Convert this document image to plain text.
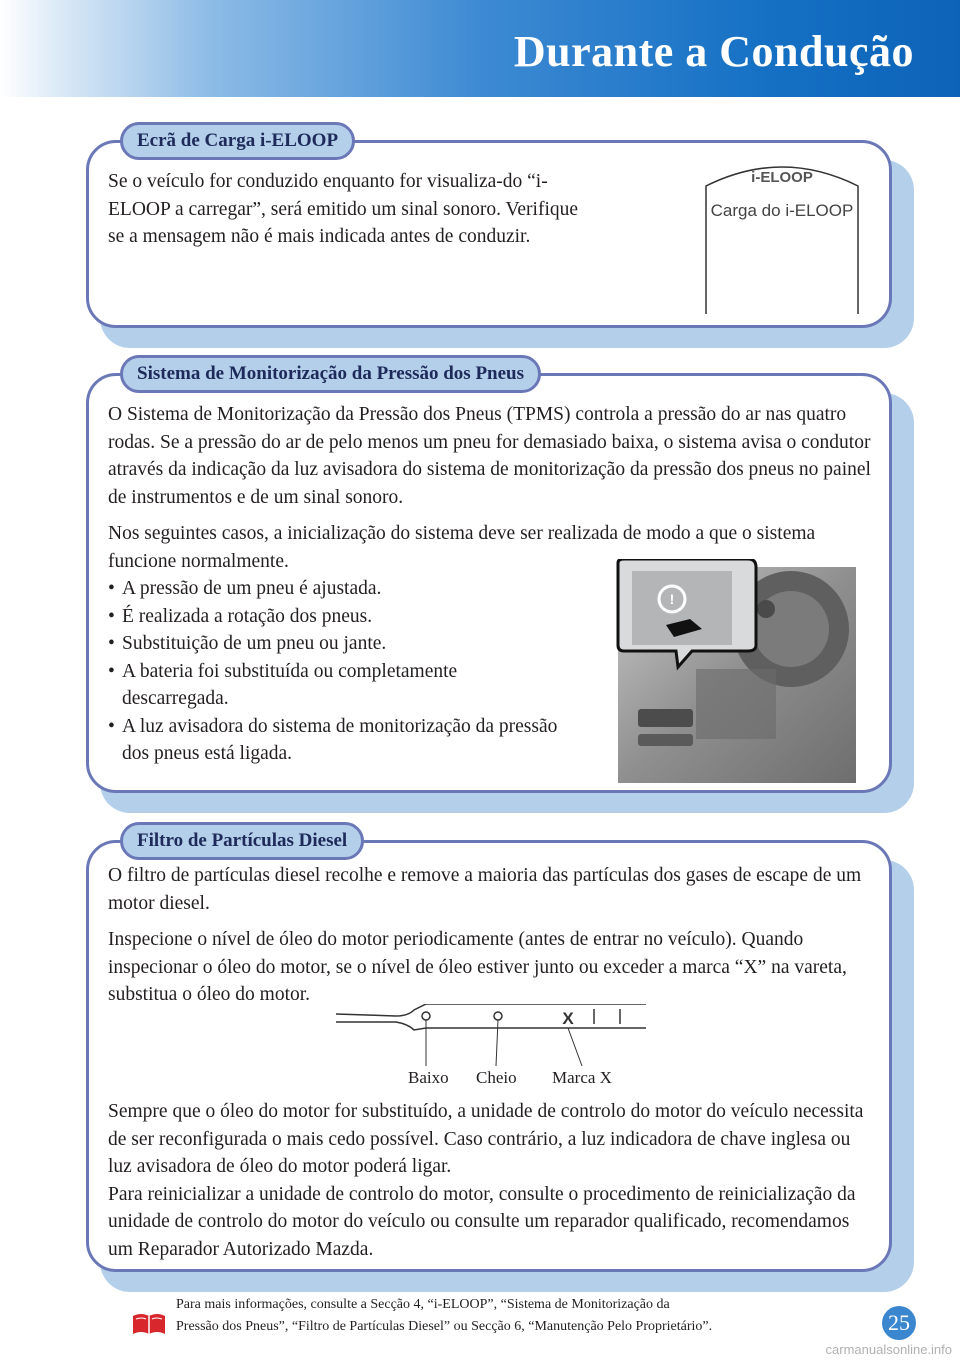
Durante a Condução
Ecrã de Carga i-ELOOP

Se o veículo for conduzido enquanto for visualiza-do “i-ELOOP a carregar”, será emitido um sinal sonoro. Verifique se a mensagem não é mais indicada antes de conduzir.

i-ELOOP
Carga do i-ELOOP
Sistema de Monitorização da Pressão dos Pneus

O Sistema de Monitorização da Pressão dos Pneus (TPMS) controla a pressão do ar nas quatro rodas. Se a pressão do ar de pelo menos um pneu for demasiado baixa, o sistema avisa o condutor através da indicação da luz avisadora do sistema de monitorização da pressão dos pneus no painel de instrumentos e de um sinal sonoro.

Nos seguintes casos, a inicialização do sistema deve ser realizada de modo a que o sistema funcione normalmente.

• A pressão de um pneu é ajustada.
• É realizada a rotação dos pneus.
• Substituição de um pneu ou jante.
• A bateria foi substituída ou completamente descarregada.
• A luz avisadora do sistema de monitorização da pressão dos pneus está ligada.
!
Filtro de Partículas Diesel

O filtro de partículas diesel recolhe e remove a maioria das partículas dos gases de escape de um motor diesel.

Inspecione o nível de óleo do motor periodicamente (antes de entrar no veículo). Quando inspecionar o óleo do motor, se o nível de óleo estiver junto ou exceder a marca “X” na vareta, substitua o óleo do motor.

X
Baixo Cheio Marca X

Sempre que o óleo do motor for substituído, a unidade de controlo do motor do veículo necessita de ser reconfigurada o mais cedo possível. Caso contrário, a luz indicadora de chave inglesa ou luz avisadora de óleo do motor poderá ligar.

Para reinicializar a unidade de controlo do motor, consulte o procedimento de reinicialização da unidade de controlo do motor do veículo ou consulte um reparador qualificado, recomendamos um Reparador Autorizado Mazda.

Para mais informações, consulte a Secção 4, “i-ELOOP”, “Sistema de Monitorização da
Pressão dos Pneus”, “Filtro de Partículas Diesel” ou Secção 6, “Manutenção Pelo Proprietário”.	25
carmanualsonline.info
